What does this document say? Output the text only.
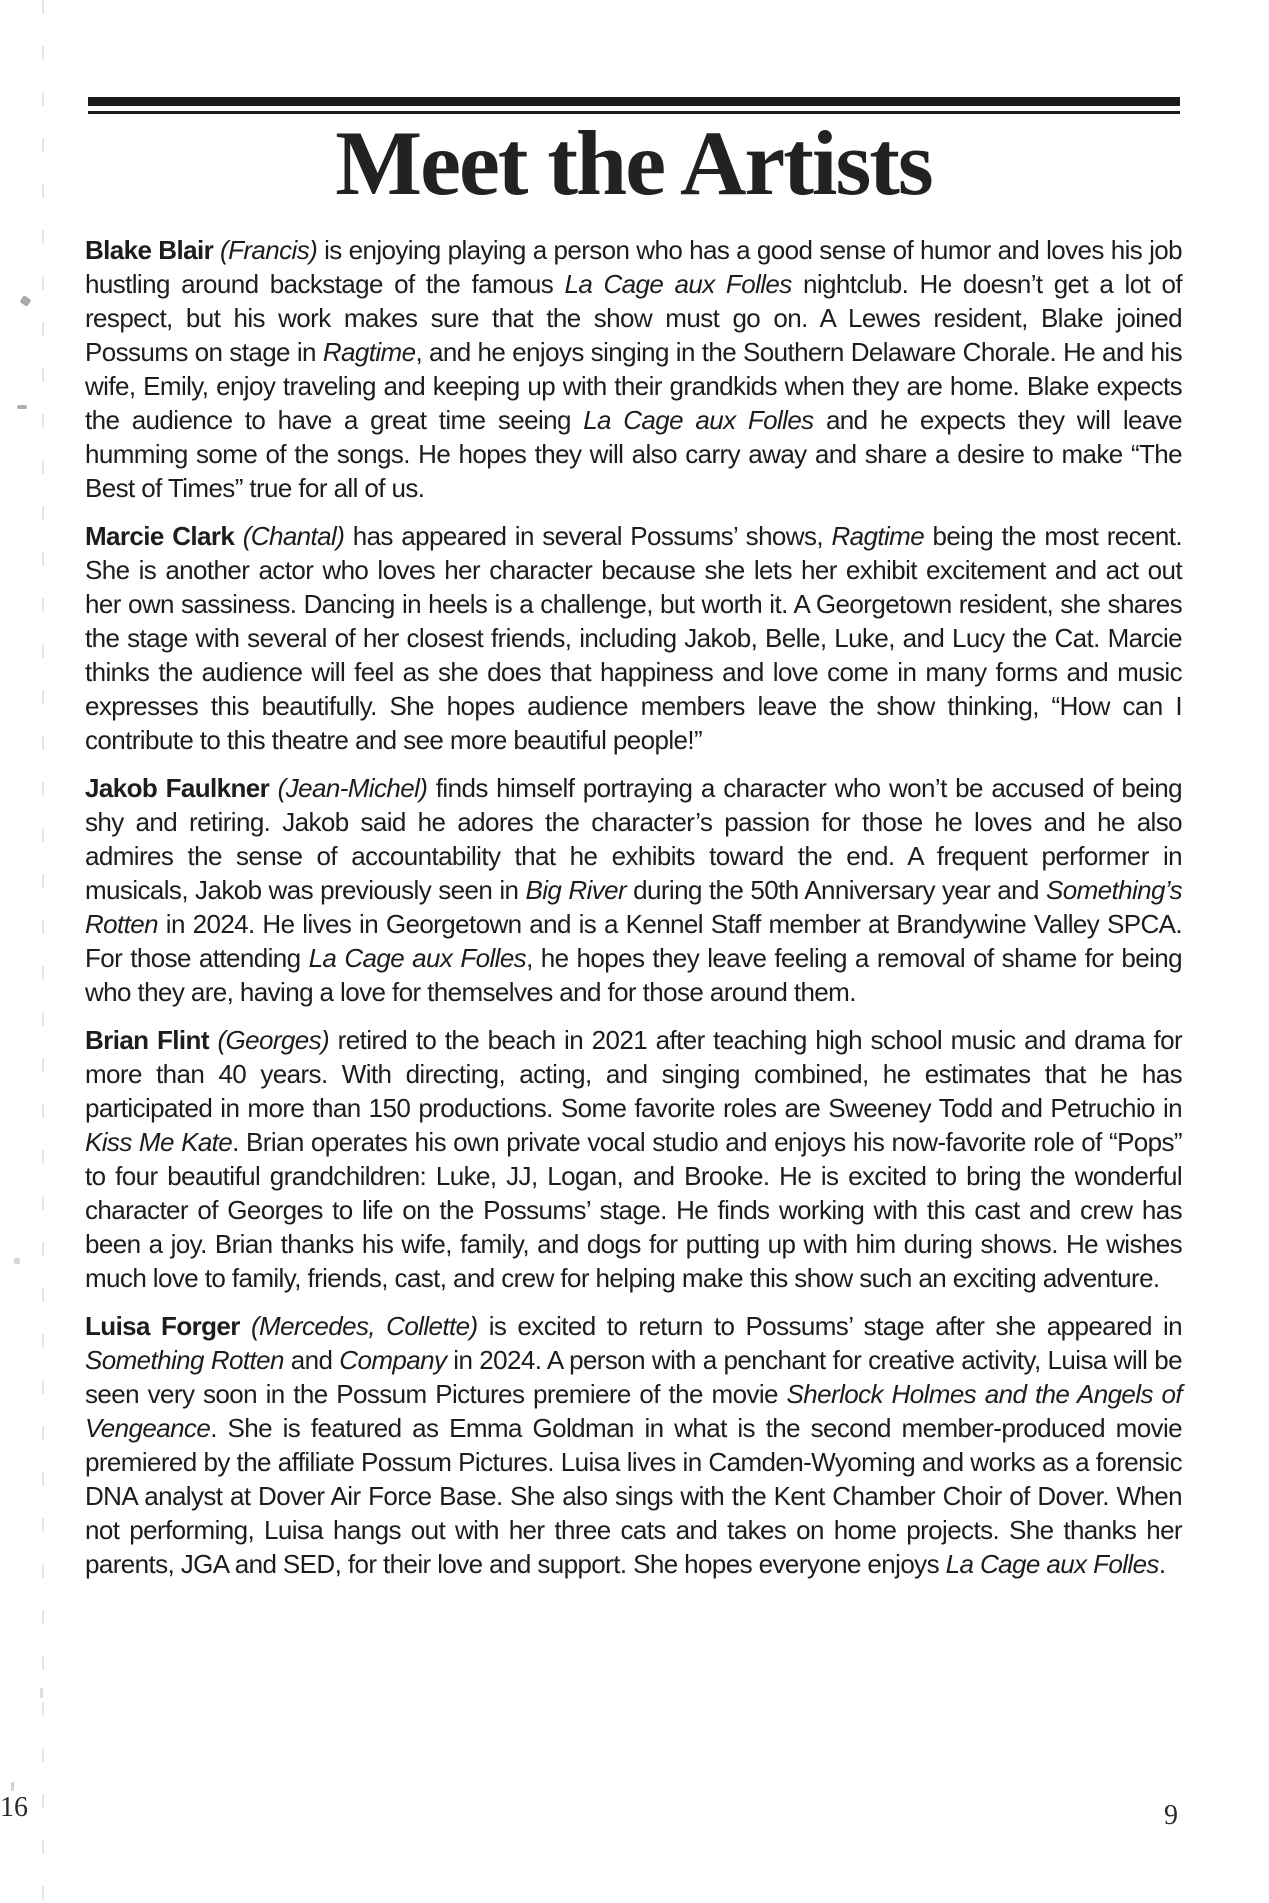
Meet the Artists

Blake Blair (Francis) is enjoying playing a person who has a good sense of humor and loves his job hustling around backstage of the famous La Cage aux Folles nightclub. He doesn’t get a lot of respect, but his work makes sure that the show must go on. A Lewes resident, Blake joined Possums on stage in Ragtime, and he enjoys singing in the Southern Delaware Chorale. He and his wife, Emily, enjoy traveling and keeping up with their grandkids when they are home. Blake expects the audience to have a great time seeing La Cage aux Folles and he expects they will leave humming some of the songs. He hopes they will also carry away and share a desire to make “The Best of Times” true for all of us.

Marcie Clark (Chantal) has appeared in several Possums’ shows, Ragtime being the most recent. She is another actor who loves her character because she lets her exhibit excitement and act out her own sassiness. Dancing in heels is a challenge, but worth it. A Georgetown resident, she shares the stage with several of her closest friends, including Jakob, Belle, Luke, and Lucy the Cat. Marcie thinks the audience will feel as she does that happiness and love come in many forms and music expresses this beautifully. She hopes audience members leave the show thinking, “How can I contribute to this theatre and see more beautiful people!”

Jakob Faulkner (Jean-Michel) finds himself portraying a character who won’t be accused of being shy and retiring. Jakob said he adores the character’s passion for those he loves and he also admires the sense of accountability that he exhibits toward the end. A frequent performer in musicals, Jakob was previously seen in Big River during the 50th Anniversary year and Something’s Rotten in 2024. He lives in Georgetown and is a Kennel Staff member at Brandywine Valley SPCA. For those attending La Cage aux Folles, he hopes they leave feeling a removal of shame for being who they are, having a love for themselves and for those around them.

Brian Flint (Georges) retired to the beach in 2021 after teaching high school music and drama for more than 40 years. With directing, acting, and singing combined, he estimates that he has participated in more than 150 productions. Some favorite roles are Sweeney Todd and Petruchio in Kiss Me Kate. Brian operates his own private vocal studio and enjoys his now-favorite role of “Pops” to four beautiful grandchildren: Luke, JJ, Logan, and Brooke. He is excited to bring the wonderful character of Georges to life on the Possums’ stage. He finds working with this cast and crew has been a joy. Brian thanks his wife, family, and dogs for putting up with him during shows. He wishes much love to family, friends, cast, and crew for helping make this show such an exciting adventure.

Luisa Forger (Mercedes, Collette) is excited to return to Possums’ stage after she appeared in Something Rotten and Company in 2024. A person with a penchant for creative activity, Luisa will be seen very soon in the Possum Pictures premiere of the movie Sherlock Holmes and the Angels of Vengeance. She is featured as Emma Goldman in what is the second member-produced movie premiered by the affiliate Possum Pictures. Luisa lives in Camden-Wyoming and works as a forensic DNA analyst at Dover Air Force Base. She also sings with the Kent Chamber Choir of Dover. When not performing, Luisa hangs out with her three cats and takes on home projects. She thanks her parents, JGA and SED, for their love and support. She hopes everyone enjoys La Cage aux Folles.

16	9
